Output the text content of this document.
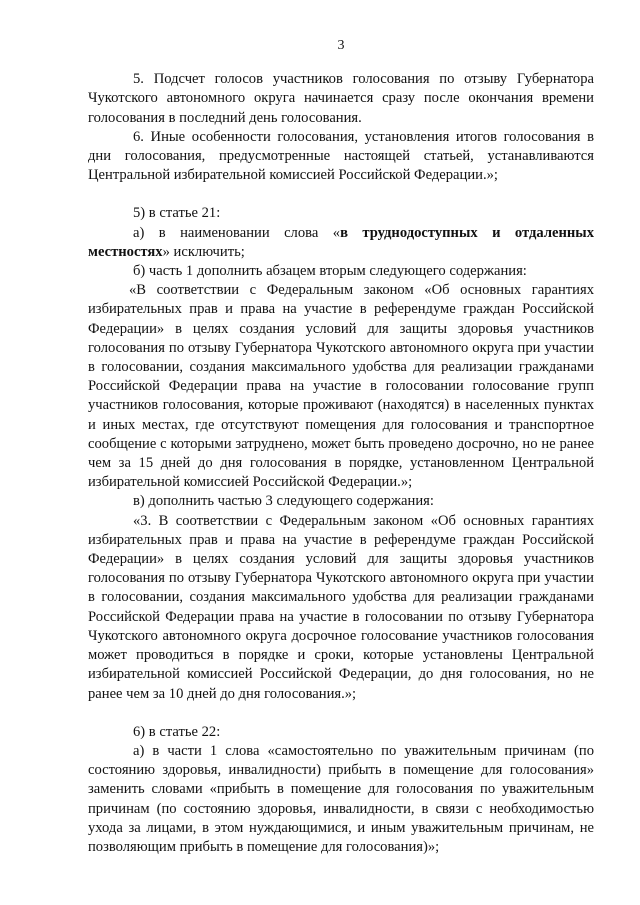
3

5. Подсчет голосов участников голосования по отзыву Губернатора Чукотского автономного округа начинается сразу после окончания времени голосования в последний день голосования.

6. Иные особенности голосования, установления итогов голосования в дни голосования, предусмотренные настоящей статьей, устанавливаются Центральной избирательной комиссией Российской Федерации.»;

5) в статье 21:

а) в наименовании слова «в труднодоступных и отдаленных местностях» исключить;

б) часть 1 дополнить абзацем вторым следующего содержания:

«В соответствии с Федеральным законом «Об основных гарантиях избирательных прав и права на участие в референдуме граждан Российской Федерации» в целях создания условий для защиты здоровья участников голосования по отзыву Губернатора Чукотского автономного округа при участии в голосовании, создания максимального удобства для реализации гражданами Российской Федерации права на участие в голосовании голосование групп участников голосования, которые проживают (находятся) в населенных пунктах и иных местах, где отсутствуют помещения для голосования и транспортное сообщение с которыми затруднено, может быть проведено досрочно, но не ранее чем за 15 дней до дня голосования в порядке, установленном Центральной избирательной комиссией Российской Федерации.»;

в) дополнить частью 3 следующего содержания:

«3. В соответствии с Федеральным законом «Об основных гарантиях избирательных прав и права на участие в референдуме граждан Российской Федерации» в целях создания условий для защиты здоровья участников голосования по отзыву Губернатора Чукотского автономного округа при участии в голосовании, создания максимального удобства для реализации гражданами Российской Федерации права на участие в голосовании по отзыву Губернатора Чукотского автономного округа досрочное голосование участников голосования может проводиться в порядке и сроки, которые установлены Центральной избирательной комиссией Российской Федерации, до дня голосования, но не ранее чем за 10 дней до дня голосования.»;

6) в статье 22:

а) в части 1 слова «самостоятельно по уважительным причинам (по состоянию здоровья, инвалидности) прибыть в помещение для голосования» заменить словами «прибыть в помещение для голосования по уважительным причинам (по состоянию здоровья, инвалидности, в связи с необходимостью ухода за лицами, в этом нуждающимися, и иным уважительным причинам, не позволяющим прибыть в помещение для голосования)»;
